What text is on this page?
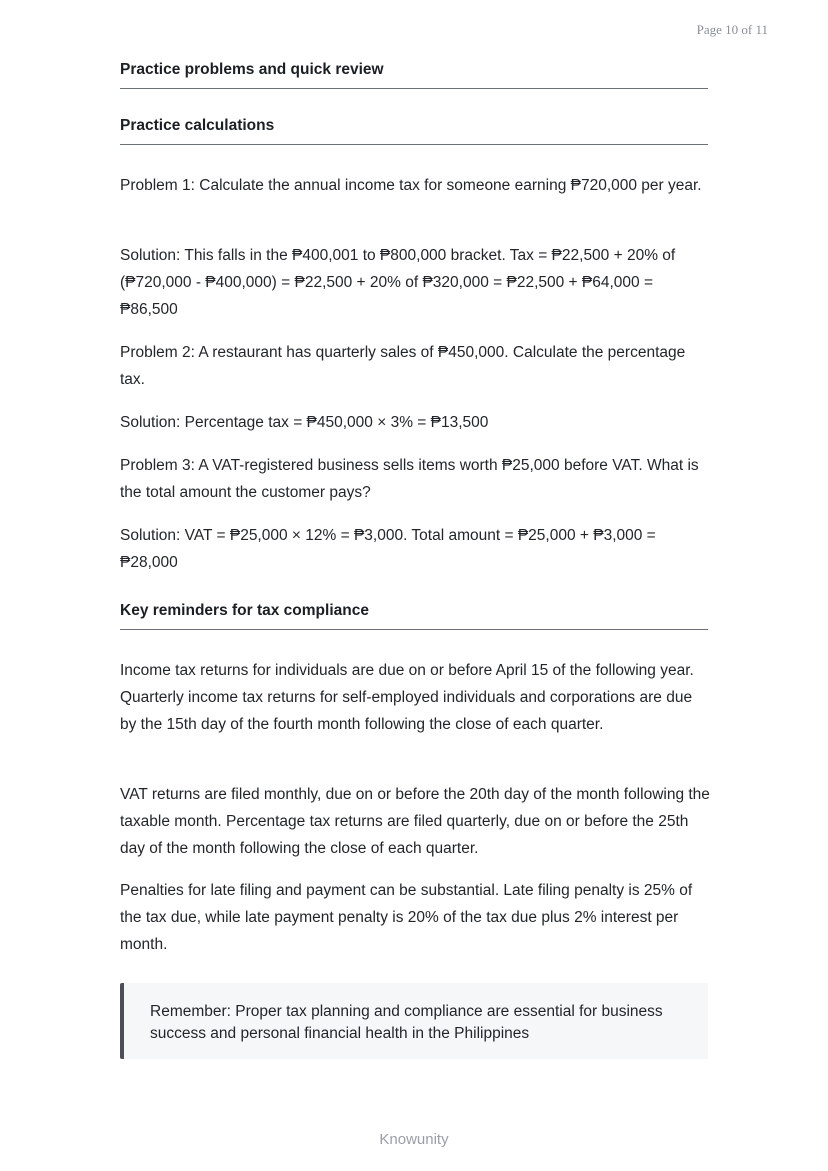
Page 10 of 11
Practice problems and quick review
Practice calculations

Problem 1: Calculate the annual income tax for someone earning ₱720,000 per year.

Solution: This falls in the ₱400,001 to ₱800,000 bracket. Tax = ₱22,500 + 20% of (₱720,000 - ₱400,000) = ₱22,500 + 20% of ₱320,000 = ₱22,500 + ₱64,000 = ₱86,500

Problem 2: A restaurant has quarterly sales of ₱450,000. Calculate the percentage tax.

Solution: Percentage tax = ₱450,000 × 3% = ₱13,500

Problem 3: A VAT-registered business sells items worth ₱25,000 before VAT. What is the total amount the customer pays?

Solution: VAT = ₱25,000 × 12% = ₱3,000. Total amount = ₱25,000 + ₱3,000 = ₱28,000

Key reminders for tax compliance

Income tax returns for individuals are due on or before April 15 of the following year. Quarterly income tax returns for self-employed individuals and corporations are due by the 15th day of the fourth month following the close of each quarter.

VAT returns are filed monthly, due on or before the 20th day of the month following the taxable month. Percentage tax returns are filed quarterly, due on or before the 25th day of the month following the close of each quarter.

Penalties for late filing and payment can be substantial. Late filing penalty is 25% of the tax due, while late payment penalty is 20% of the tax due plus 2% interest per month.

Remember: Proper tax planning and compliance are essential for business success and personal financial health in the Philippines

Knowunity
